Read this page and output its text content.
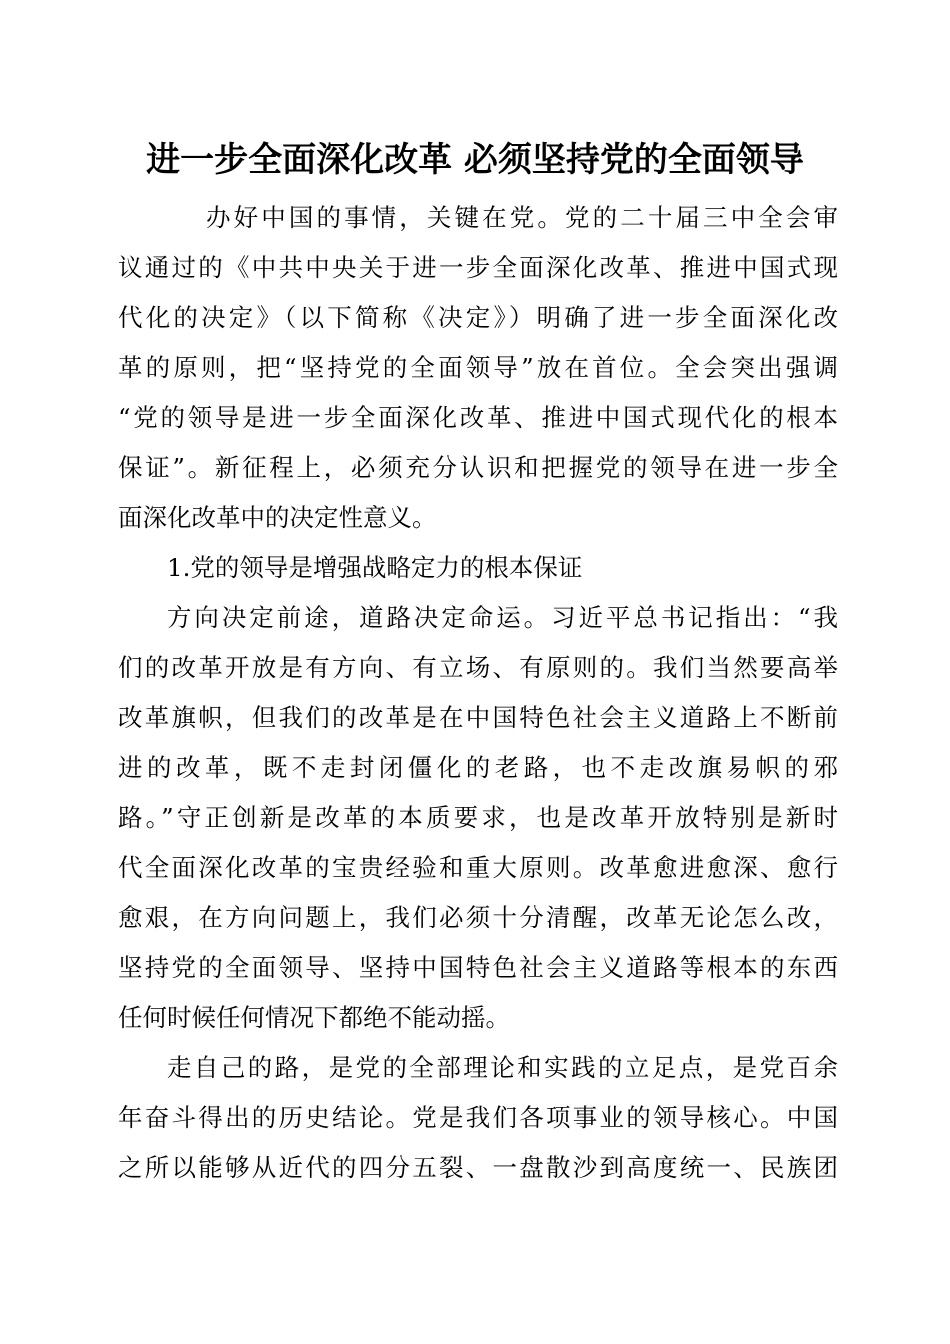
进一步全面深化改革 必须坚持党的全面领导
办好中国的事情，关键在党。党的二十届三中全会审
议通过的《中共中央关于进一步全面深化改革、推进中国式现
代化的决定》（以下简称《决定》）明确了进一步全面深化改
革的原则，把“坚持党的全面领导”放在首位。全会突出强调
“党的领导是进一步全面深化改革、推进中国式现代化的根本
保证”。新征程上，必须充分认识和把握党的领导在进一步全
面深化改革中的决定性意义。
1.党的领导是增强战略定力的根本保证
方向决定前途，道路决定命运。习近平总书记指出：“我
们的改革开放是有方向、有立场、有原则的。我们当然要高举
改革旗帜，但我们的改革是在中国特色社会主义道路上不断前
进的改革，既不走封闭僵化的老路，也不走改旗易帜的邪
路。”守正创新是改革的本质要求，也是改革开放特别是新时
代全面深化改革的宝贵经验和重大原则。改革愈进愈深、愈行
愈艰，在方向问题上，我们必须十分清醒，改革无论怎么改，
坚持党的全面领导、坚持中国特色社会主义道路等根本的东西
任何时候任何情况下都绝不能动摇。
走自己的路，是党的全部理论和实践的立足点，是党百余
年奋斗得出的历史结论。党是我们各项事业的领导核心。中国
之所以能够从近代的四分五裂、一盘散沙到高度统一、民族团
